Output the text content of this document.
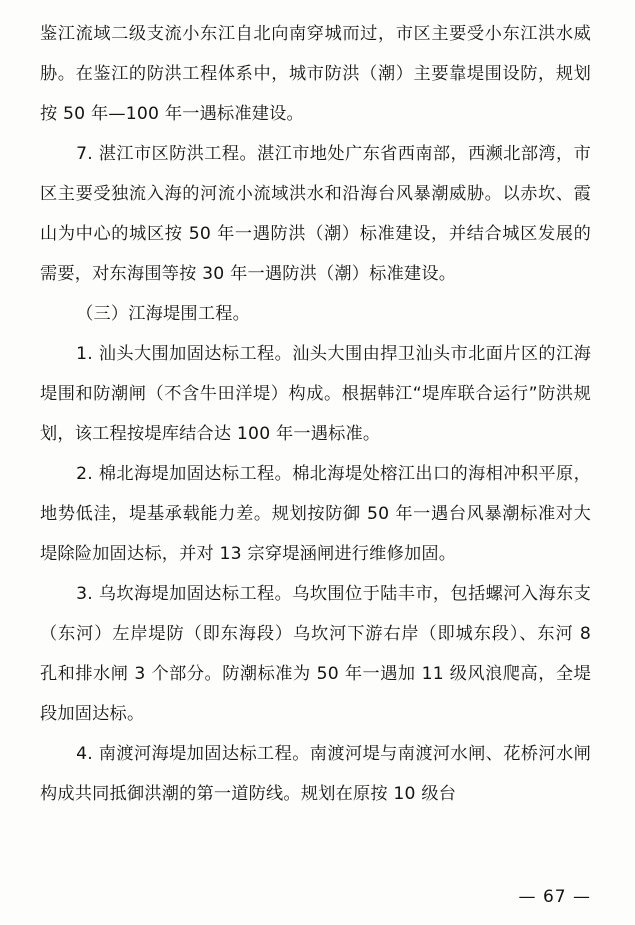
鉴江流域二级支流小东江自北向南穿城而过，市区主要受小东江洪水威胁。在鉴江的防洪工程体系中，城市防洪（潮）主要靠堤围设防，规划按 50 年—100 年一遇标准建设。

7. 湛江市区防洪工程。湛江市地处广东省西南部，西濒北部湾，市区主要受独流入海的河流小流域洪水和沿海台风暴潮威胁。以赤坎、霞山为中心的城区按 50 年一遇防洪（潮）标准建设，并结合城区发展的需要，对东海围等按 30 年一遇防洪（潮）标准建设。

（三）江海堤围工程。

1. 汕头大围加固达标工程。汕头大围由捍卫汕头市北面片区的江海堤围和防潮闸（不含牛田洋堤）构成。根据韩江“堤库联合运行”防洪规划，该工程按堤库结合达 100 年一遇标准。

2. 棉北海堤加固达标工程。棉北海堤处榕江出口的海相冲积平原，地势低洼，堤基承载能力差。规划按防御 50 年一遇台风暴潮标准对大堤除险加固达标，并对 13 宗穿堤涵闸进行维修加固。

3. 乌坎海堤加固达标工程。乌坎围位于陆丰市，包括螺河入海东支（东河）左岸堤防（即东海段）乌坎河下游右岸（即城东段）、东河 8 孔和排水闸 3 个部分。防潮标准为 50 年一遇加 11 级风浪爬高，全堤段加固达标。

4. 南渡河海堤加固达标工程。南渡河堤与南渡河水闸、花桥河水闸构成共同抵御洪潮的第一道防线。规划在原按 10 级台

— 67 —
